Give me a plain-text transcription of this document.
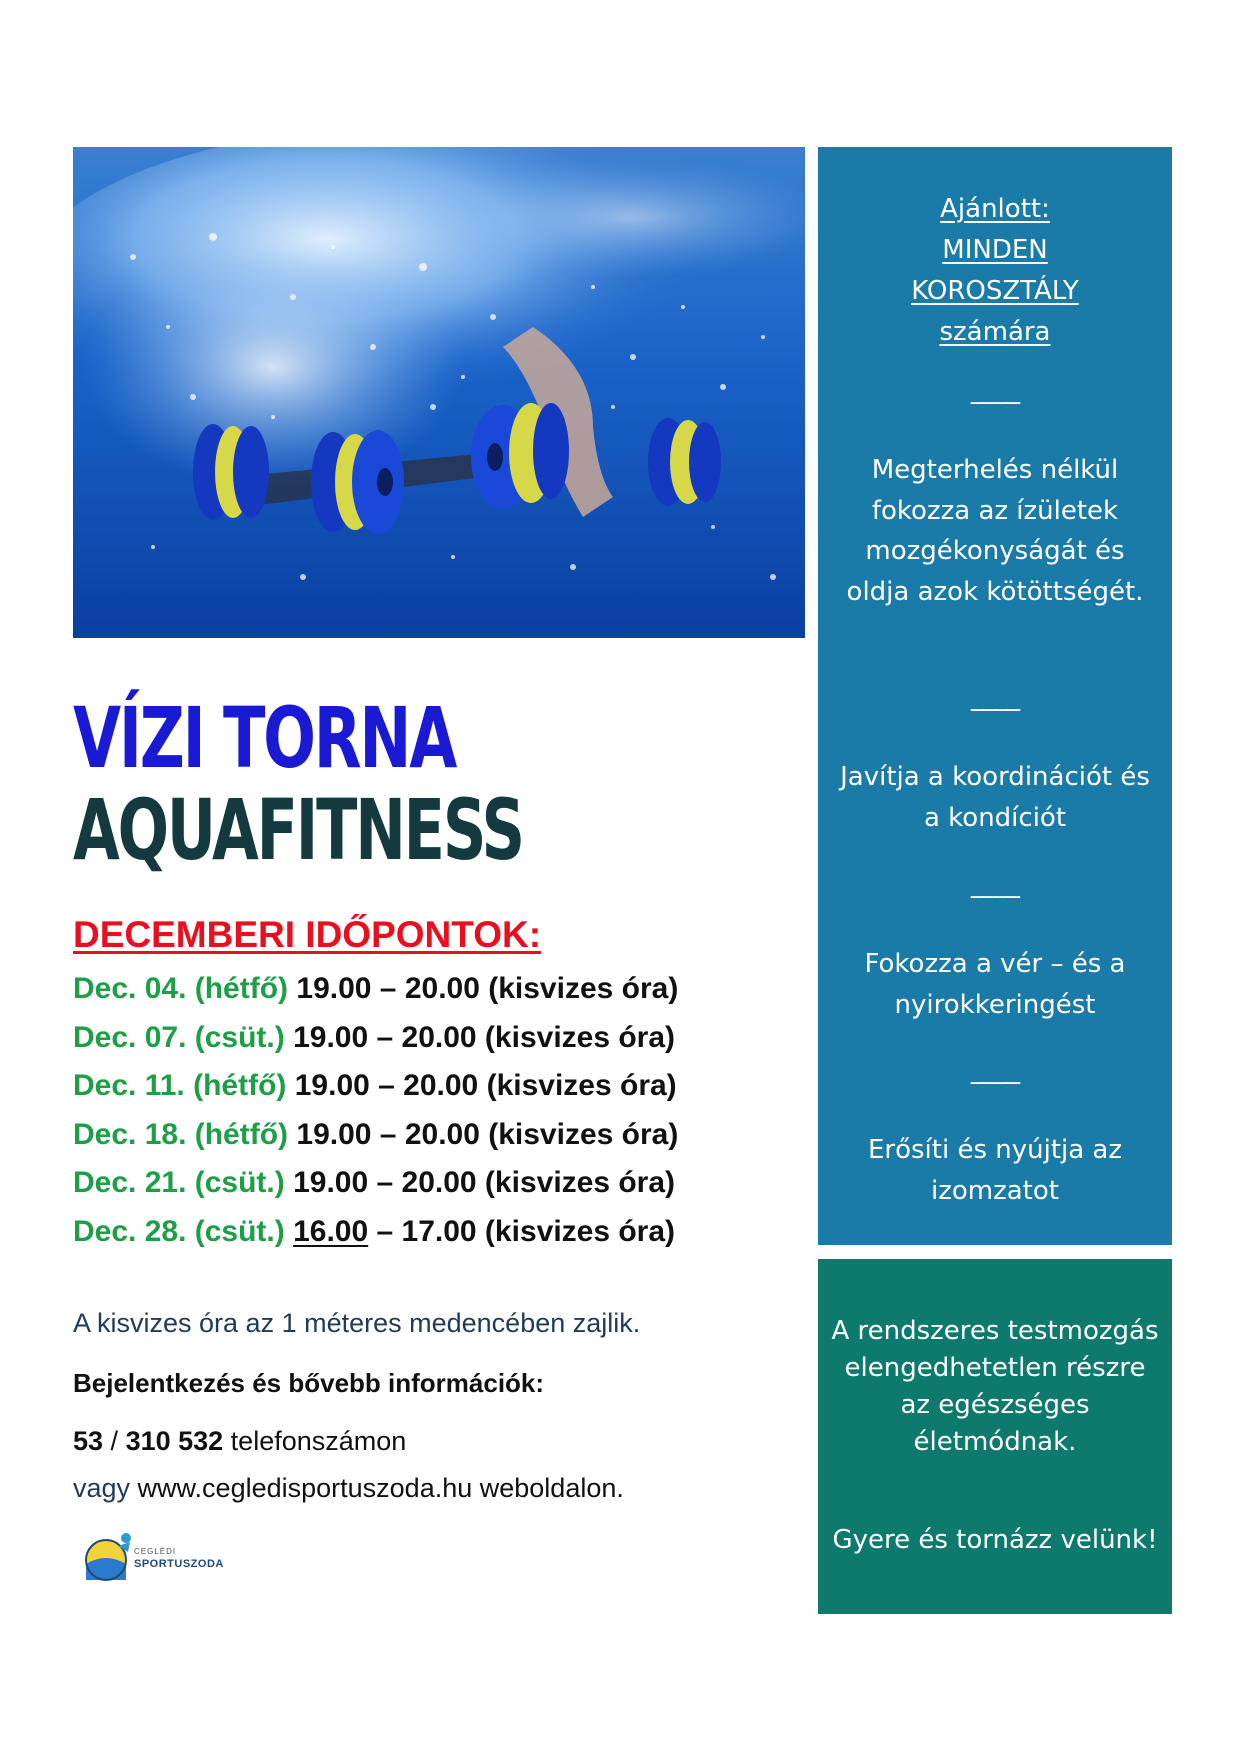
VÍZI TORNA
AQUAFITNESS
DECEMBERI IDŐPONTOK:
Dec. 04. (hétfő) 19.00 – 20.00 (kisvizes óra)
Dec. 07. (csüt.) 19.00 – 20.00 (kisvizes óra)
Dec. 11. (hétfő) 19.00 – 20.00 (kisvizes óra)
Dec. 18. (hétfő) 19.00 – 20.00 (kisvizes óra)
Dec. 21. (csüt.) 19.00 – 20.00 (kisvizes óra)
Dec. 28. (csüt.) 16.00 – 17.00 (kisvizes óra)
A kisvizes óra az 1 méteres medencében zajlik.
Bejelentkezés és bővebb információk:
53 / 310 532 telefonszámon
vagy www.cegledisportuszoda.hu weboldalon.
CEGLÉDI
SPORTUSZODA
Ajánlott:
MINDEN
KOROSZTÁLY
számára
____
Megterhelés nélkül fokozza az ízületek mozgékonyságát és oldja azok kötöttségét.
____
Javítja a koordinációt és a kondíciót
____
Fokozza a vér – és a nyirokkeringést
____
Erősíti és nyújtja az izomzatot
A rendszeres testmozgás elengedhetetlen részre az egészséges életmódnak.
Gyere és tornázz velünk!
